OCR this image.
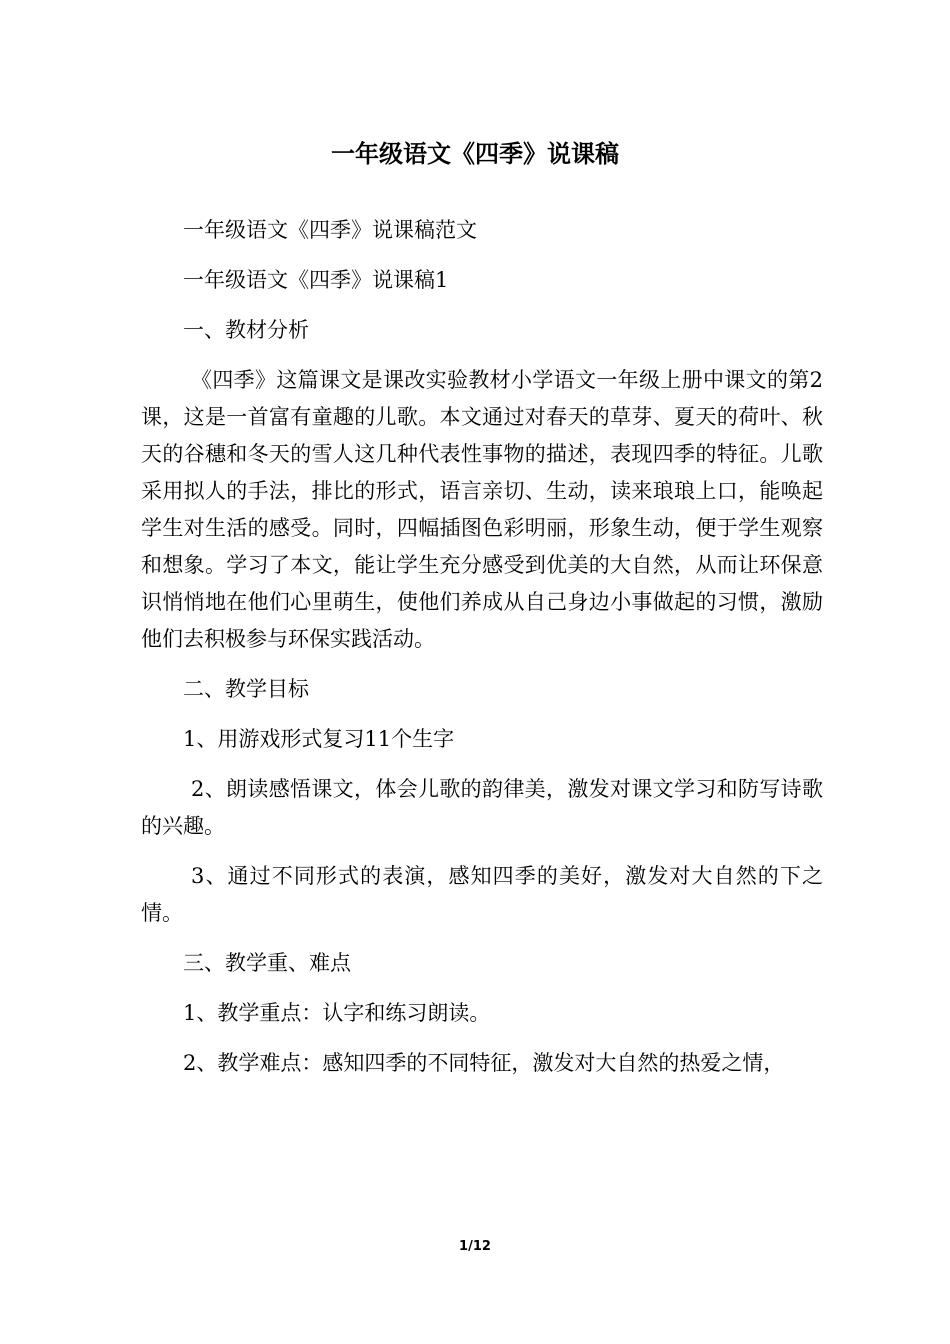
一年级语文《四季》说课稿

一年级语文《四季》说课稿范文

一年级语文《四季》说课稿1

一、教材分析

《四季》这篇课文是课改实验教材小学语文一年级上册中课文的第2课，这是一首富有童趣的儿歌。本文通过对春天的草芽、夏天的荷叶、秋天的谷穗和冬天的雪人这几种代表性事物的描述，表现四季的特征。儿歌采用拟人的手法，排比的形式，语言亲切、生动，读来琅琅上口，能唤起学生对生活的感受。同时，四幅插图色彩明丽，形象生动，便于学生观察和想象。学习了本文，能让学生充分感受到优美的大自然，从而让环保意识悄悄地在他们心里萌生，使他们养成从自己身边小事做起的习惯，激励他们去积极参与环保实践活动。

二、教学目标

1、用游戏形式复习11个生字

2、朗读感悟课文，体会儿歌的韵律美，激发对课文学习和防写诗歌的兴趣。

3、通过不同形式的表演，感知四季的美好，激发对大自然的下之情。

三、教学重、难点

1、教学重点：认字和练习朗读。

2、教学难点：感知四季的不同特征，激发对大自然的热爱之情，

1/12
